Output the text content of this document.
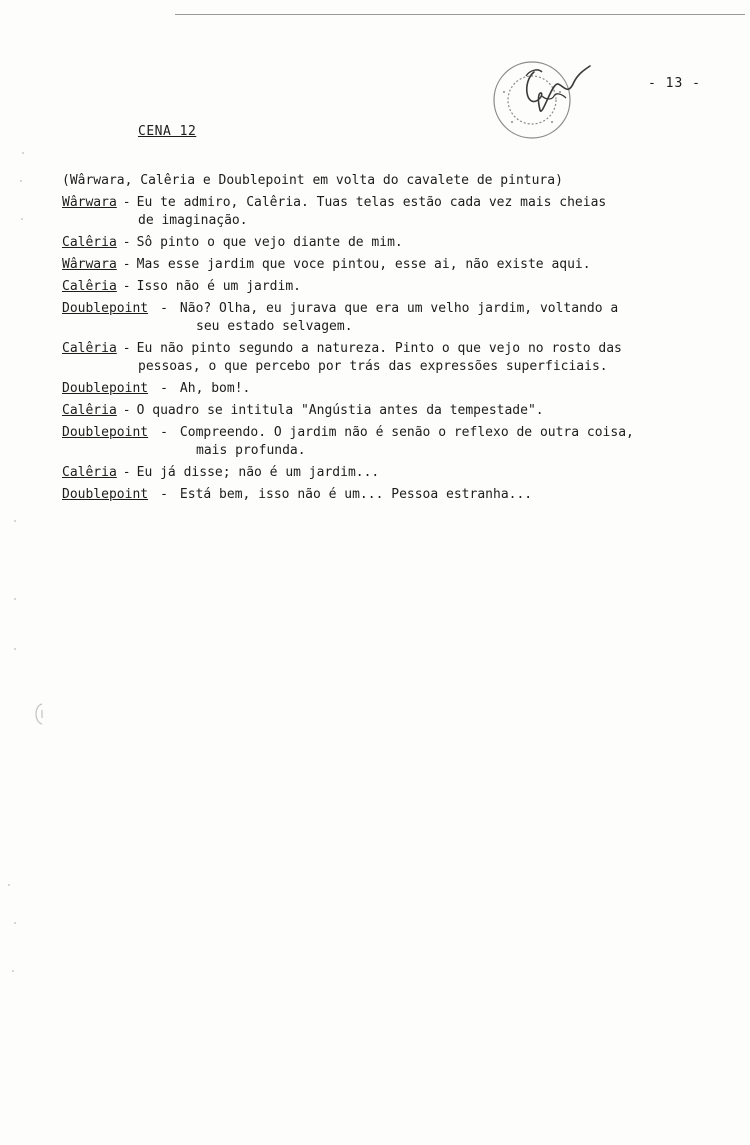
- 13 -
CENA 12
(Wârwara, Calêria e Doublepoint em volta do cavalete de pintura)
Wârwara - Eu te admiro, Calêria. Tuas telas estão cada vez mais cheias
de imaginação.
Calêria - Sô pinto o que vejo diante de mim.
Wârwara - Mas esse jardim que voce pintou, esse ai, não existe aqui.
Calêria - Isso não é um jardim.
Doublepoint - Não? Olha, eu jurava que era um velho jardim, voltando a
seu estado selvagem.
Calêria - Eu não pinto segundo a natureza. Pinto o que vejo no rosto das
pessoas, o que percebo por trás das expressões superficiais.
Doublepoint - Ah, bom!.
Calêria - O quadro se intitula "Angústia antes da tempestade".
Doublepoint - Compreendo. O jardim não é senão o reflexo de outra coisa,
mais profunda.
Calêria - Eu já disse; não é um jardim...
Doublepoint - Está bem, isso não é um... Pessoa estranha...
